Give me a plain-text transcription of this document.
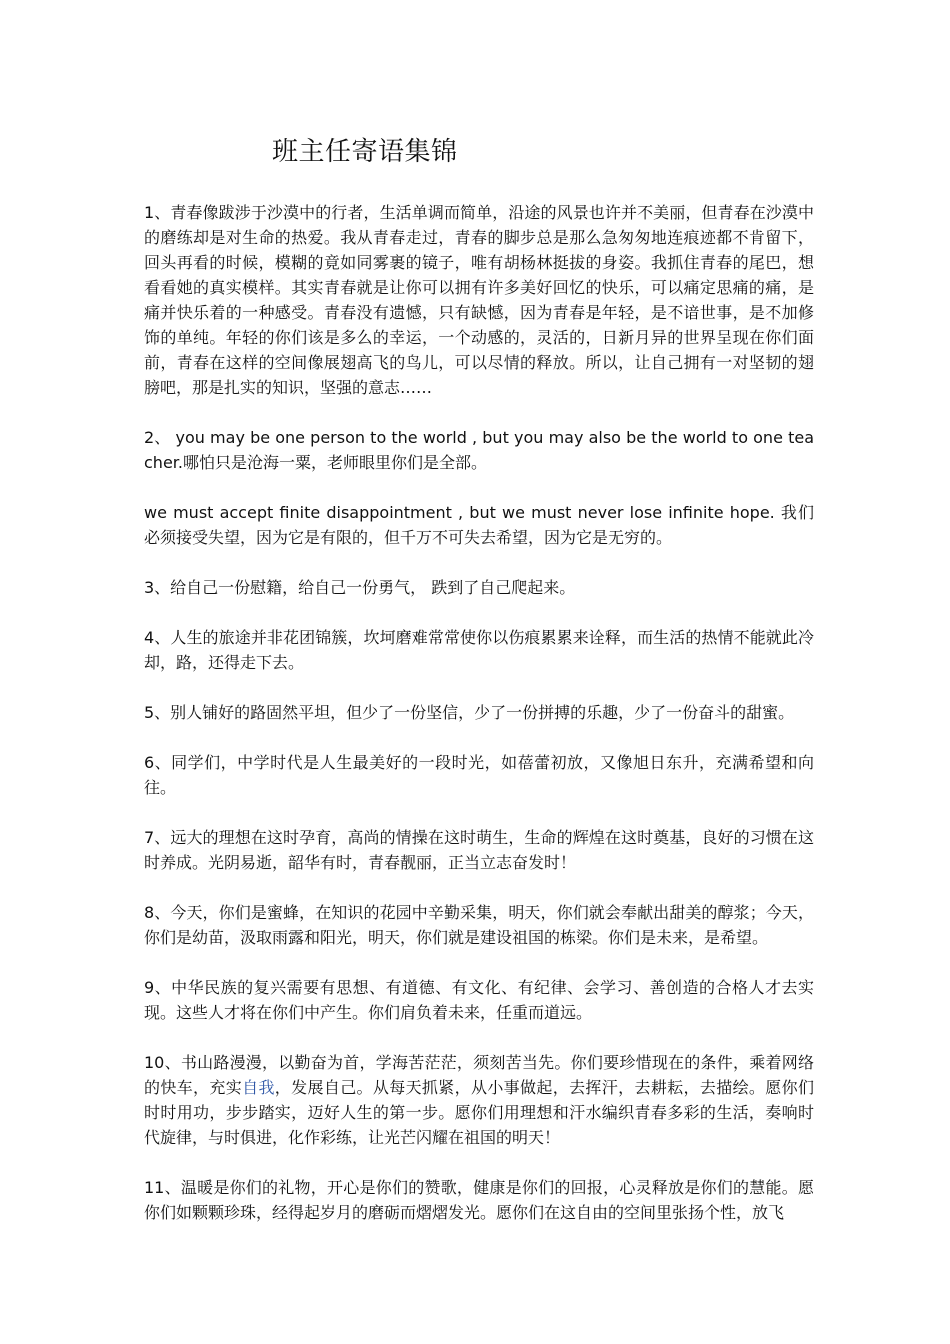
班主任寄语集锦

1、青春像跋涉于沙漠中的行者，生活单调而简单，沿途的风景也许并不美丽，但青春在沙漠中的磨练却是对生命的热爱。我从青春走过，青春的脚步总是那么急匆匆地连痕迹都不肯留下，回头再看的时候，模糊的竟如同雾裹的镜子，唯有胡杨林挺拔的身姿。我抓住青春的尾巴，想看看她的真实模样。其实青春就是让你可以拥有许多美好回忆的快乐，可以痛定思痛的痛，是痛并快乐着的一种感受。青春没有遗憾，只有缺憾，因为青春是年轻，是不谙世事，是不加修饰的单纯。年轻的你们该是多么的幸运，一个动感的，灵活的，日新月异的世界呈现在你们面前，青春在这样的空间像展翅高飞的鸟儿，可以尽情的释放。所以，让自己拥有一对坚韧的翅膀吧，那是扎实的知识，坚强的意志……

2、 you may be one person to the world , but you may also be the world to one teacher.哪怕只是沧海一粟，老师眼里你们是全部。

we must accept finite disappointment , but we must never lose infinite hope. 我们必须接受失望，因为它是有限的，但千万不可失去希望，因为它是无穷的。

3、给自己一份慰籍，给自己一份勇气， 跌到了自己爬起来。

4、人生的旅途并非花团锦簇，坎坷磨难常常使你以伤痕累累来诠释，而生活的热情不能就此冷却，路，还得走下去。

5、别人铺好的路固然平坦，但少了一份坚信，少了一份拼搏的乐趣，少了一份奋斗的甜蜜。

6、同学们，中学时代是人生最美好的一段时光，如蓓蕾初放，又像旭日东升，充满希望和向往。

7、远大的理想在这时孕育，高尚的情操在这时萌生，生命的辉煌在这时奠基，良好的习惯在这时养成。光阴易逝，韶华有时，青春靓丽，正当立志奋发时！

8、今天，你们是蜜蜂，在知识的花园中辛勤采集，明天，你们就会奉献出甜美的醇浆；今天，你们是幼苗，汲取雨露和阳光，明天，你们就是建设祖国的栋梁。你们是未来，是希望。

9、中华民族的复兴需要有思想、有道德、有文化、有纪律、会学习、善创造的合格人才去实现。这些人才将在你们中产生。你们肩负着未来，任重而道远。

10、书山路漫漫，以勤奋为首，学海苦茫茫，须刻苦当先。你们要珍惜现在的条件，乘着网络的快车，充实自我，发展自己。从每天抓紧，从小事做起，去挥汗，去耕耘，去描绘。愿你们时时用功，步步踏实，迈好人生的第一步。愿你们用理想和汗水编织青春多彩的生活，奏响时代旋律，与时俱进，化作彩练，让光芒闪耀在祖国的明天！

11、温暖是你们的礼物，开心是你们的赞歌，健康是你们的回报，心灵释放是你们的慧能。愿你们如颗颗珍珠，经得起岁月的磨砺而熠熠发光。愿你们在这自由的空间里张扬个性，放飞
